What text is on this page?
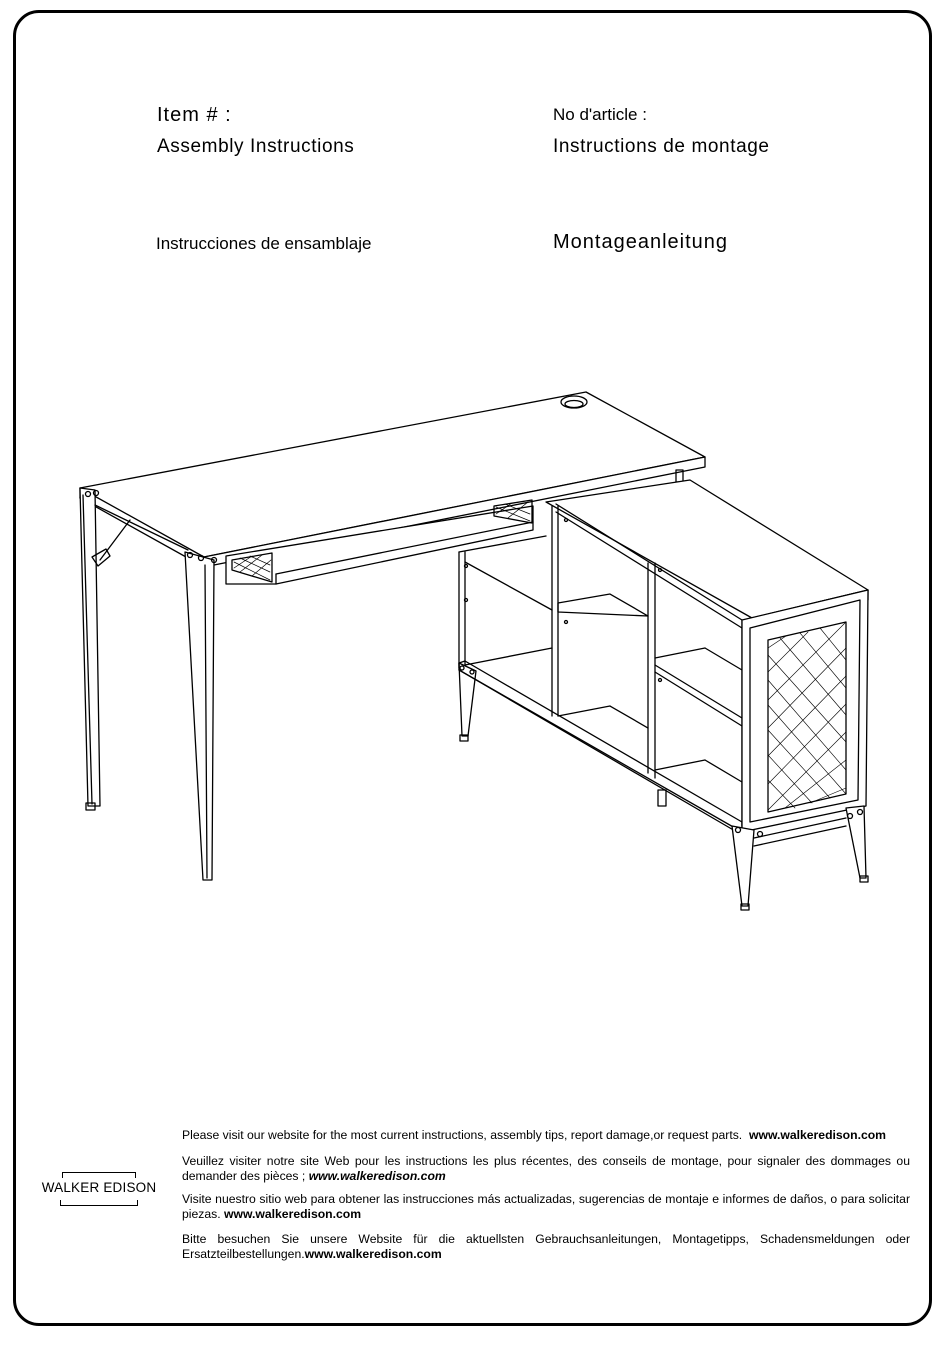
Item # :
Assembly Instructions
No d'article :
Instructions de montage
Instrucciones de ensamblaje	Montageanleitung
Please visit our website for the most current instructions, assembly tips, report damage,or request parts. www.walkeredison.com
Veuillez visiter notre site Web pour les instructions les plus récentes, des conseils de montage, pour signaler des dommages ou demander des pièces ; www.walkeredison.com
Visite nuestro sitio web para obtener las instrucciones más actualizadas, sugerencias de montaje e informes de daños, o para solicitar piezas. www.walkeredison.com
Bitte besuchen Sie unsere Website für die aktuellsten Gebrauchsanleitungen, Montagetipps, Schadensmeldungen oder Ersatzteilbestellungen.www.walkeredison.com
WALKER EDISON
